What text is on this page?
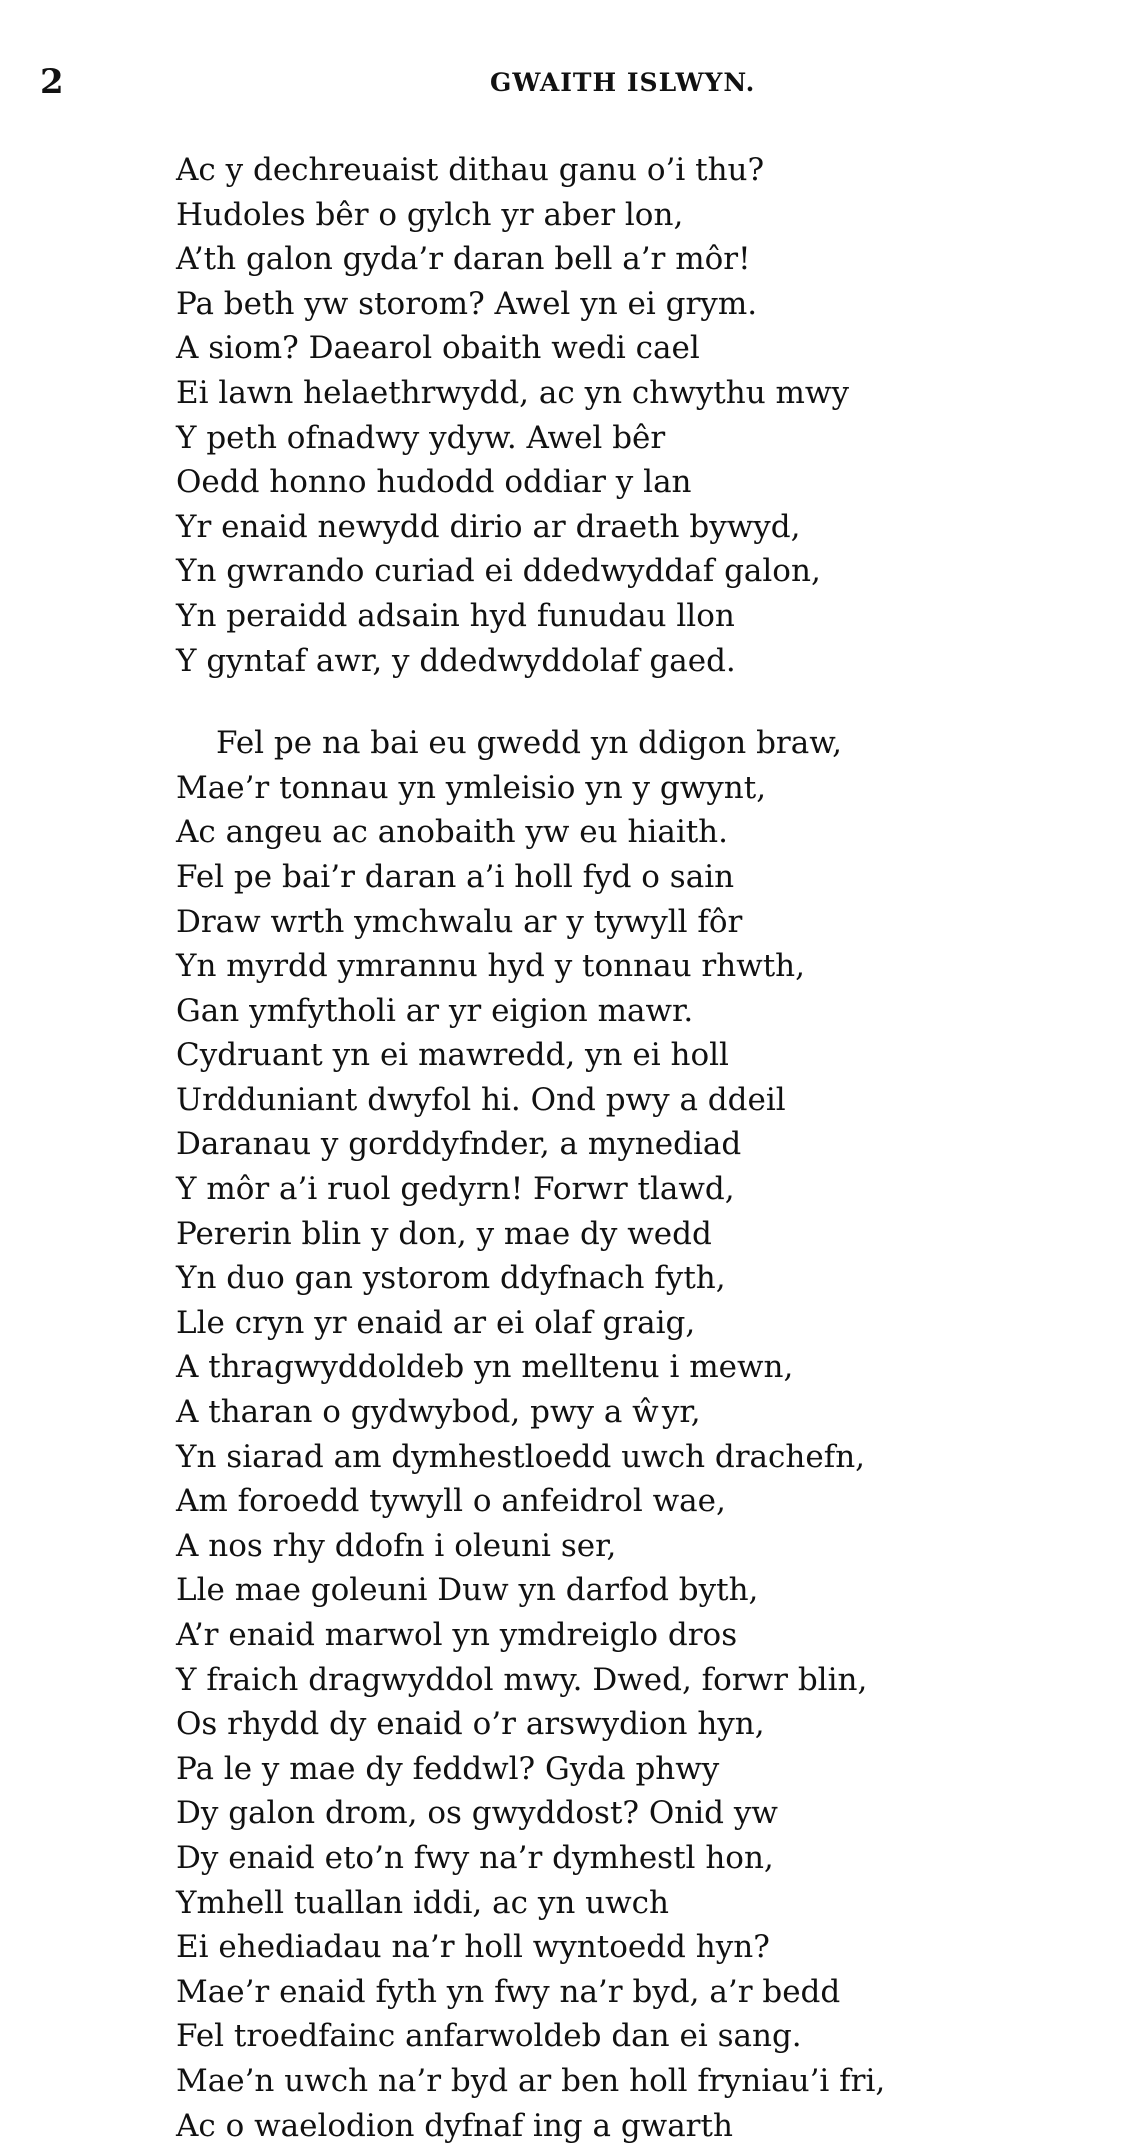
2	GWAITH ISLWYN.
Ac y dechreuaist dithau ganu o’i thu?
Hudoles bêr o gylch yr aber lon,
A’th galon gyda’r daran bell a’r môr!
Pa beth yw storom? Awel yn ei grym.
A siom? Daearol obaith wedi cael
Ei lawn helaethrwydd, ac yn chwythu mwy
Y peth ofnadwy ydyw. Awel bêr
Oedd honno hudodd oddiar y lan
Yr enaid newydd dirio ar draeth bywyd,
Yn gwrando curiad ei ddedwyddaf galon,
Yn peraidd adsain hyd funudau llon
Y gyntaf awr, y ddedwyddolaf gaed.
Fel pe na bai eu gwedd yn ddigon braw,
Mae’r tonnau yn ymleisio yn y gwynt,
Ac angeu ac anobaith yw eu hiaith.
Fel pe bai’r daran a’i holl fyd o sain
Draw wrth ymchwalu ar y tywyll fôr
Yn myrdd ymrannu hyd y tonnau rhwth,
Gan ymfytholi ar yr eigion mawr.
Cydruant yn ei mawredd, yn ei holl
Urdduniant dwyfol hi. Ond pwy a ddeil
Daranau y gorddyfnder, a mynediad
Y môr a’i ruol gedyrn! Forwr tlawd,
Pererin blin y don, y mae dy wedd
Yn duo gan ystorom ddyfnach fyth,
Lle cryn yr enaid ar ei olaf graig,
A thragwyddoldeb yn melltenu i mewn,
A tharan o gydwybod, pwy a ŵyr,
Yn siarad am dymhestloedd uwch drachefn,
Am foroedd tywyll o anfeidrol wae,
A nos rhy ddofn i oleuni ser,
Lle mae goleuni Duw yn darfod byth,
A’r enaid marwol yn ymdreiglo dros
Y fraich dragwyddol mwy. Dwed, forwr blin,
Os rhydd dy enaid o’r arswydion hyn,
Pa le y mae dy feddwl? Gyda phwy
Dy galon drom, os gwyddost? Onid yw
Dy enaid eto’n fwy na’r dymhestl hon,
Ymhell tuallan iddi, ac yn uwch
Ei ehediadau na’r holl wyntoedd hyn?
Mae’r enaid fyth yn fwy na’r byd, a’r bedd
Fel troedfainc anfarwoldeb dan ei sang.
Mae’n uwch na’r byd ar ben holl fryniau’i fri,
Ac o waelodion dyfnaf ing a gwarth
